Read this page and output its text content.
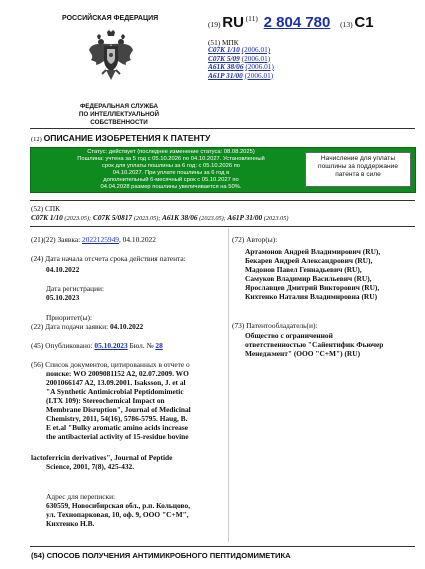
РОССИЙСКАЯ ФЕДЕРАЦИЯ
ФЕДЕРАЛЬНАЯ СЛУЖБА
ПО ИНТЕЛЛЕКТУАЛЬНОЙ СОБСТВЕННОСТИ
(19) RU (11) 2 804 780 (13) C1
(51) МПК
C07K 1/10 (2006.01)
C07K 5/09 (2006.01)
A61K 38/06 (2006.01)
A61P 31/00 (2006.01)
(12) ОПИСАНИЕ ИЗОБРЕТЕНИЯ К ПАТЕНТУ
Статус: действует (последнее изменение статуса: 08.08.2025)
Пошлина: учтена за 5 год с 05.10.2026 по 04.10.2027. Установленный
срок для уплаты пошлины за 6 год: с 05.10.2026 по
04.10.2027. При уплате пошлины за 6 год в
дополнительный 6-месячный срок с 05.10.2027 по
04.04.2028 размер пошлины увеличивается на 50%.
Начисление для уплаты пошлины за поддержание патента в силе
(52) СПК
C07K 1/10 (2023.05); C07K 5/0817 (2023.05); A61K 38/06 (2023.05); A61P 31/00 (2023.05)
(21)(22) Заявка: 2022125949, 04.10.2022
(24) Дата начала отсчета срока действия патента:
04.10.2022
Дата регистрации:
05.10.2023
Приоритет(ы):
(22) Дата подачи заявки: 04.10.2022
(45) Опубликовано: 05.10.2023 Бюл. № 28
(56) Список документов, цитированных в отчете о
поиске: WO 2009081152 A2, 02.07.2009. WO
2001066147 A2, 13.09.2001. Isaksson, J. et al
"A Synthetic Antimicrobial Peptidomimetic
(LTX 109): Stereochemical Impact on
Membrane Disruption", Journal of Medicinal
Chemistry, 2011, 54(16), 5786-5795. Haug, B.
E et.al "Bulky aromatic amino acids increase
the antibacterial activity of 15-residue bovine
lactoferricin derivatives", Journal of Peptide
Science, 2001, 7(8), 425-432.
Адрес для переписки:
630559, Новосибирская обл., р.п. Кольцово,
ул. Технопарковая, 10, оф. 9, ООО "С+М",
Кихтенко Н.В.
(72) Автор(ы):
Артамонов Андрей Владимирович (RU),
Бекарев Андрей Александрович (RU),
Мадонов Павел Геннадьевич (RU),
Самуков Владимир Васильевич (RU),
Ярославцев Дмитрий Викторович (RU),
Кихтенко Наталия Владимировна (RU)
(73) Патентообладатель(и):
Общество с ограниченной
ответственностью "Сайентифик Фьючер
Менеджмент" (ООО "С+М") (RU)
(54) СПОСОБ ПОЛУЧЕНИЯ АНТИМИКРОБНОГО ПЕПТИДОМИМЕТИКА
